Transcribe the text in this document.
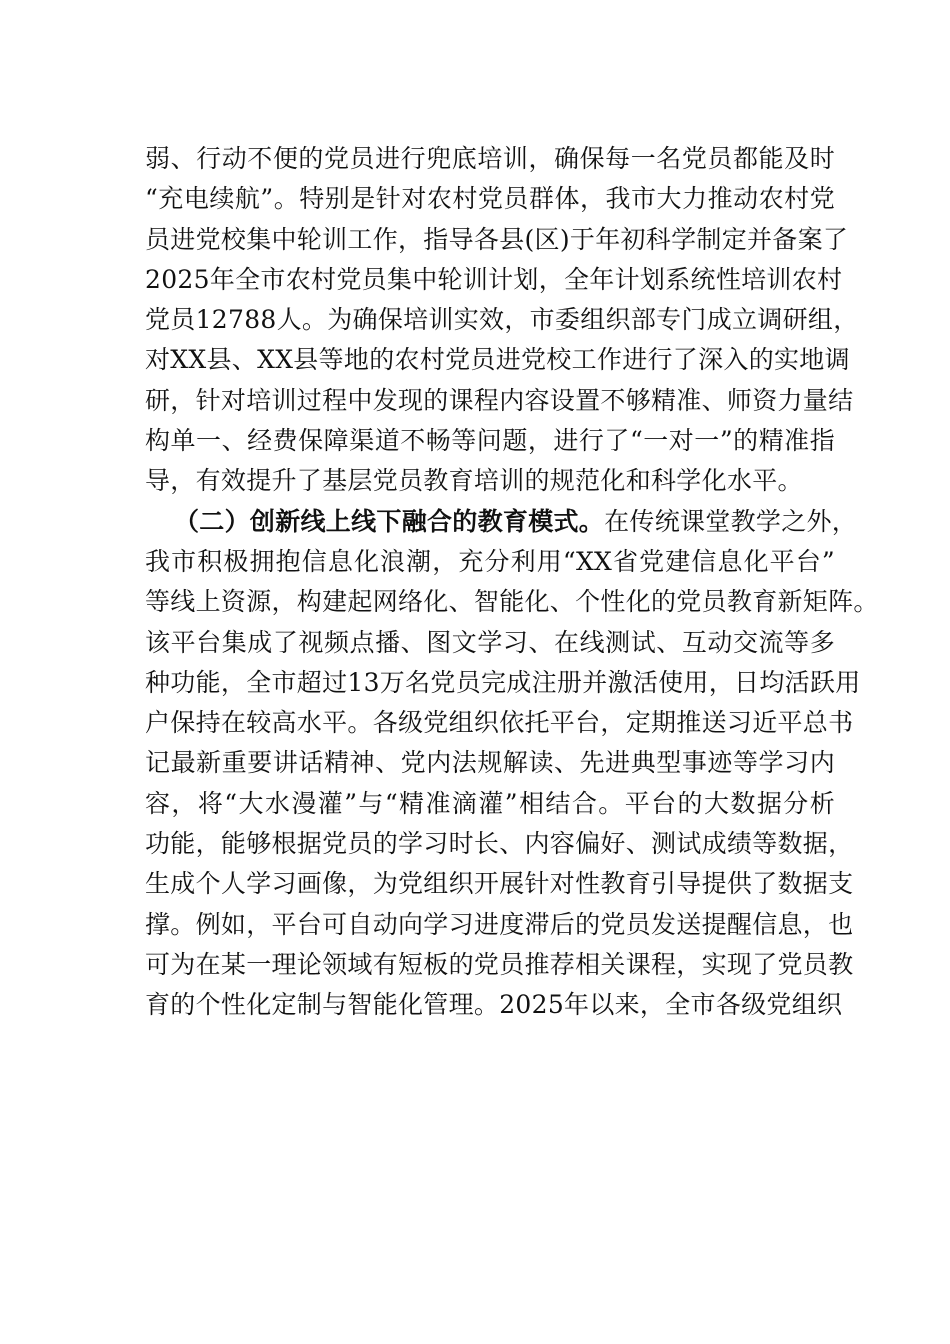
弱、行动不便的党员进行兜底培训，确保每一名党员都能及时
“充电续航”。特别是针对农村党员群体，我市大力推动农村党
员进党校集中轮训工作，指导各县(区)于年初科学制定并备案了
2025年全市农村党员集中轮训计划，全年计划系统性培训农村
党员12788人。为确保培训实效，市委组织部专门成立调研组，
对XX县、XX县等地的农村党员进党校工作进行了深入的实地调
研，针对培训过程中发现的课程内容设置不够精准、师资力量结
构单一、经费保障渠道不畅等问题，进行了“一对一”的精准指
导，有效提升了基层党员教育培训的规范化和科学化水平。
（二）创新线上线下融合的教育模式。在传统课堂教学之外，
我市积极拥抱信息化浪潮，充分利用“XX省党建信息化平台”
等线上资源，构建起网络化、智能化、个性化的党员教育新矩阵。
该平台集成了视频点播、图文学习、在线测试、互动交流等多
种功能，全市超过13万名党员完成注册并激活使用，日均活跃用
户保持在较高水平。各级党组织依托平台，定期推送习近平总书
记最新重要讲话精神、党内法规解读、先进典型事迹等学习内
容，将“大水漫灌”与“精准滴灌”相结合。平台的大数据分析
功能，能够根据党员的学习时长、内容偏好、测试成绩等数据，
生成个人学习画像，为党组织开展针对性教育引导提供了数据支
撑。例如，平台可自动向学习进度滞后的党员发送提醒信息，也
可为在某一理论领域有短板的党员推荐相关课程，实现了党员教
育的个性化定制与智能化管理。2025年以来，全市各级党组织
